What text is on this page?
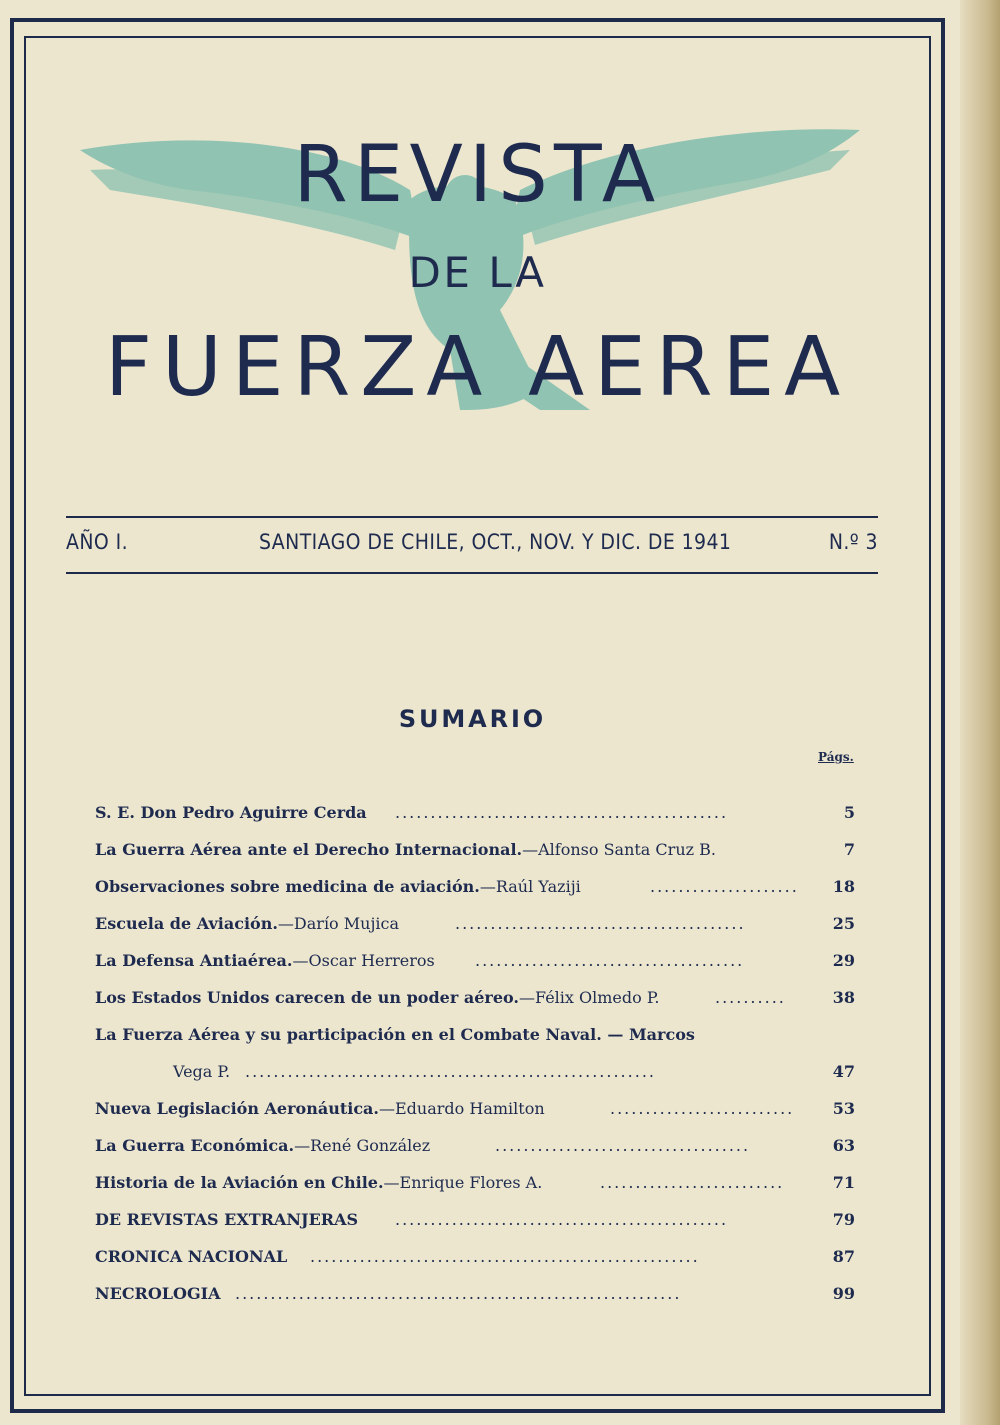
REVISTA
DE LA
FUERZA AEREA
AÑO I.	SANTIAGO DE CHILE, OCT., NOV. Y DIC. DE 1941	N.º 3
SUMARIO
Págs.
S. E. Don Pedro Aguirre Cerda ...............................................	5
La Guerra Aérea ante el Derecho Internacional.—Alfonso Santa Cruz B.	7
Observaciones sobre medicina de aviación.—Raúl Yaziji	.....................	18
Escuela de Aviación.—Darío Mujica	.........................................	25
La Defensa Antiaérea.—Oscar Herreros	......................................	29
Los Estados Unidos carecen de un poder aéreo.—Félix Olmedo P.	..........	38
La Fuerza Aérea y su participación en el Combate Naval. — Marcos
Vega P. ..........................................................	47
Nueva Legislación Aeronáutica.—Eduardo Hamilton	..........................	53
La Guerra Económica.—René González	....................................	63
Historia de la Aviación en Chile.—Enrique Flores A.	..........................	71
DE REVISTAS EXTRANJERAS ...............................................	79
CRONICA NACIONAL .......................................................	87
NECROLOGIA ...............................................................	99
